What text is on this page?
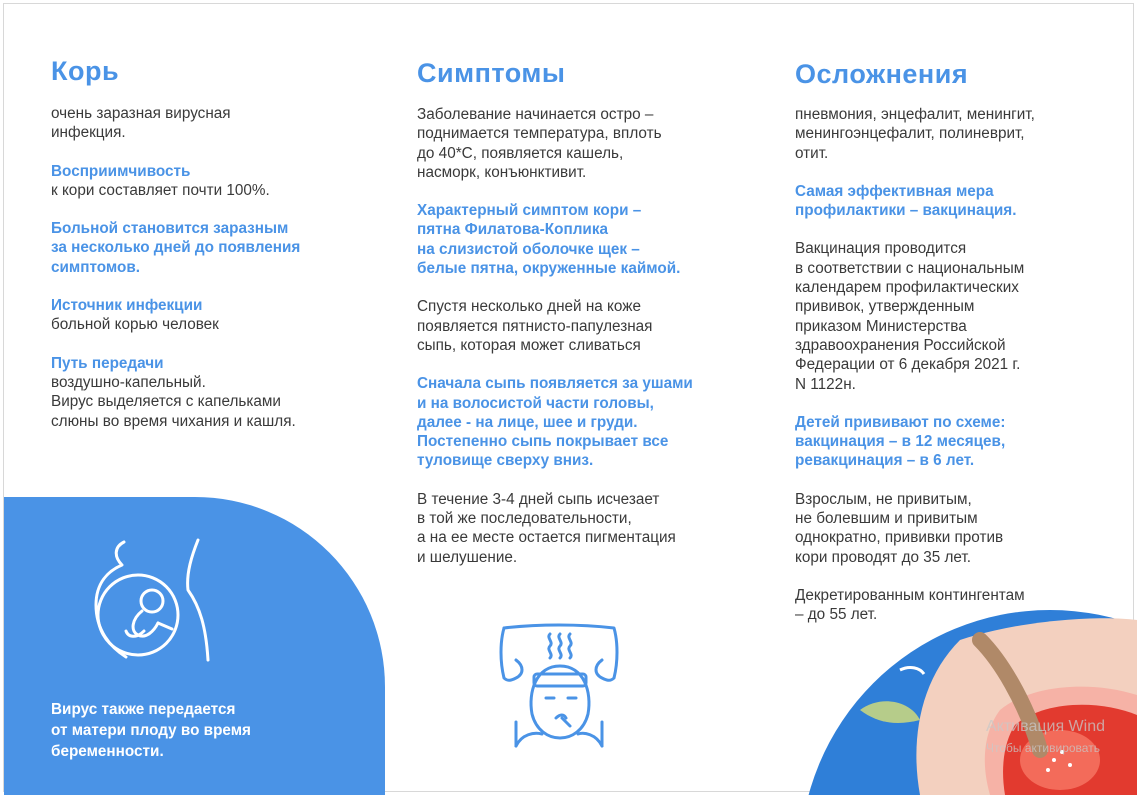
Корь

очень заразная вирусная
инфекция.

Восприимчивость
к кори составляет почти 100%.

Больной становится заразным
за несколько дней до появления
симптомов.

Источник инфекции
больной корью человек

Путь передачи
воздушно-капельный.
Вирус выделяется с капельками
слюны во время чихания и кашля.

Вирус также передается
от матери плоду во время
беременности.
Симптомы

Заболевание начинается остро –
поднимается температура, вплоть
до 40*С, появляется кашель,
насморк, конъюнктивит.

Характерный симптом кори –
пятна Филатова-Коплика
на слизистой оболочке щек –
белые пятна, окруженные каймой.

Спустя несколько дней на коже
появляется пятнисто-папулезная
сыпь, которая может сливаться

Сначала сыпь появляется за ушами
и на волосистой части головы,
далее - на лице, шее и груди.
Постепенно сыпь покрывает все
туловище сверху вниз.

В течение 3-4 дней сыпь исчезает
в той же последовательности,
а на ее месте остается пигментация
и шелушение.

Осложнения

пневмония, энцефалит, менингит,
менингоэнцефалит, полиневрит,
отит.

Самая эффективная мера
профилактики – вакцинация.

Вакцинация проводится
в соответствии с национальным
календарем профилактических
прививок, утвержденным
приказом Министерства
здравоохранения Российской
Федерации от 6 декабря 2021 г.
N 1122н.

Детей прививают по схеме:
вакцинация – в 12 месяцев,
ревакцинация – в 6 лет.

Взрослым, не привитым,
не болевшим и привитым
однократно, прививки против
кори проводят до 35 лет.

Декретированным контингентам
– до 55 лет.

Активация Wind
Чтобы активировать
